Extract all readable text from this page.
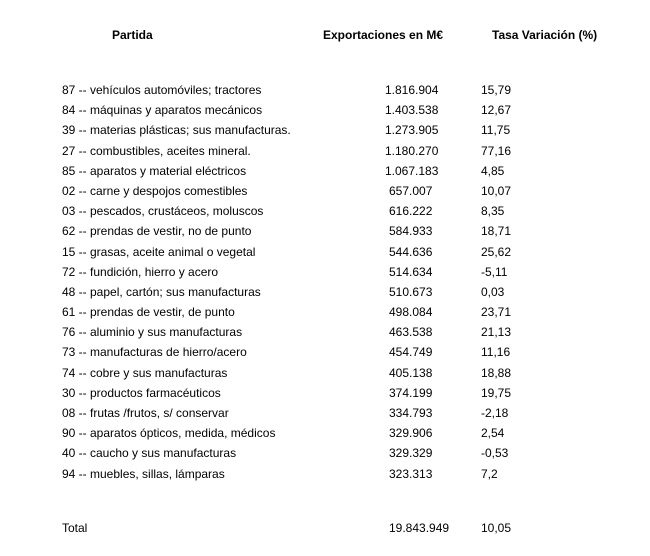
Partida	Exportaciones en M€	Tasa Variación (%)
87 -- vehículos automóviles; tractores	1.816.904	15,79
84 -- máquinas y aparatos mecánicos	1.403.538	12,67
39 -- materias plásticas; sus manufacturas.	1.273.905	11,75
27 -- combustibles, aceites mineral.	1.180.270	77,16
85 -- aparatos y material eléctricos	1.067.183	4,85
02 -- carne y despojos comestibles	657.007	10,07
03 -- pescados, crustáceos, moluscos	616.222	8,35
62 -- prendas de vestir, no de punto	584.933	18,71
15 -- grasas, aceite animal o vegetal	544.636	25,62
72 -- fundición, hierro y acero	514.634	-5,11
48 -- papel, cartón; sus manufacturas	510.673	0,03
61 -- prendas de vestir, de punto	498.084	23,71
76 -- aluminio y sus manufacturas	463.538	21,13
73 -- manufacturas de hierro/acero	454.749	11,16
74 -- cobre y sus manufacturas	405.138	18,88
30 -- productos farmacéuticos	374.199	19,75
08 -- frutas /frutos, s/ conservar	334.793	-2,18
90 -- aparatos ópticos, medida, médicos	329.906	2,54
40 -- caucho y sus manufacturas	329.329	-0,53
94 -- muebles, sillas, lámparas	323.313	7,2
Total	19.843.949	10,05
